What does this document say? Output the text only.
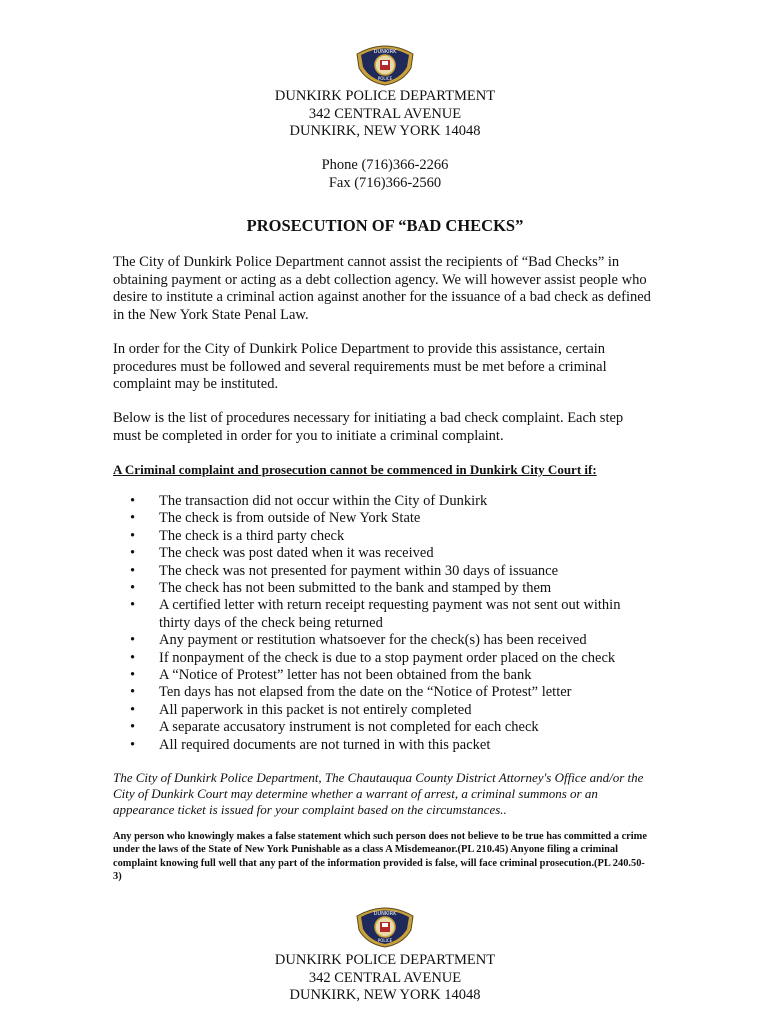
DUNKIRK
POLICE
DUNKIRK POLICE DEPARTMENT
342 CENTRAL AVENUE
DUNKIRK, NEW YORK 14048
Phone (716)366-2266
Fax (716)366-2560
PROSECUTION OF “BAD CHECKS”
The City of Dunkirk Police Department cannot assist the recipients of “Bad Checks” in obtaining payment or acting as a debt collection agency. We will however assist people who desire to institute a criminal action against another for the issuance of a bad check as defined in the New York State Penal Law.
In order for the City of Dunkirk Police Department to provide this assistance, certain procedures must be followed and several requirements must be met before a criminal complaint may be instituted.
Below is the list of procedures necessary for initiating a bad check complaint. Each step must be completed in order for you to initiate a criminal complaint.
A Criminal complaint and prosecution cannot be commenced in Dunkirk City Court if:
• The transaction did not occur within the City of Dunkirk
• The check is from outside of New York State
• The check is a third party check
• The check was post dated when it was received
• The check was not presented for payment within 30 days of issuance
• The check has not been submitted to the bank and stamped by them
• A certified letter with return receipt requesting payment was not sent out within thirty days of the check being returned
• Any payment or restitution whatsoever for the check(s) has been received
• If nonpayment of the check is due to a stop payment order placed on the check
• A “Notice of Protest” letter has not been obtained from the bank
• Ten days has not elapsed from the date on the “Notice of Protest” letter
• All paperwork in this packet is not entirely completed
• A separate accusatory instrument is not completed for each check
• All required documents are not turned in with this packet
The City of Dunkirk Police Department, The Chautauqua County District Attorney's Office and/or the City of Dunkirk Court may determine whether a warrant of arrest, a criminal summons or an appearance ticket is issued for your complaint based on the circumstances..
Any person who knowingly makes a false statement which such person does not believe to be true has committed a crime under the laws of the State of New York Punishable as a class A Misdemeanor.(PL 210.45) Anyone filing a criminal complaint knowing full well that any part of the information provided is false, will face criminal prosecution.(PL 240.50-3)
DUNKIRK
POLICE
DUNKIRK POLICE DEPARTMENT
342 CENTRAL AVENUE
DUNKIRK, NEW YORK 14048
